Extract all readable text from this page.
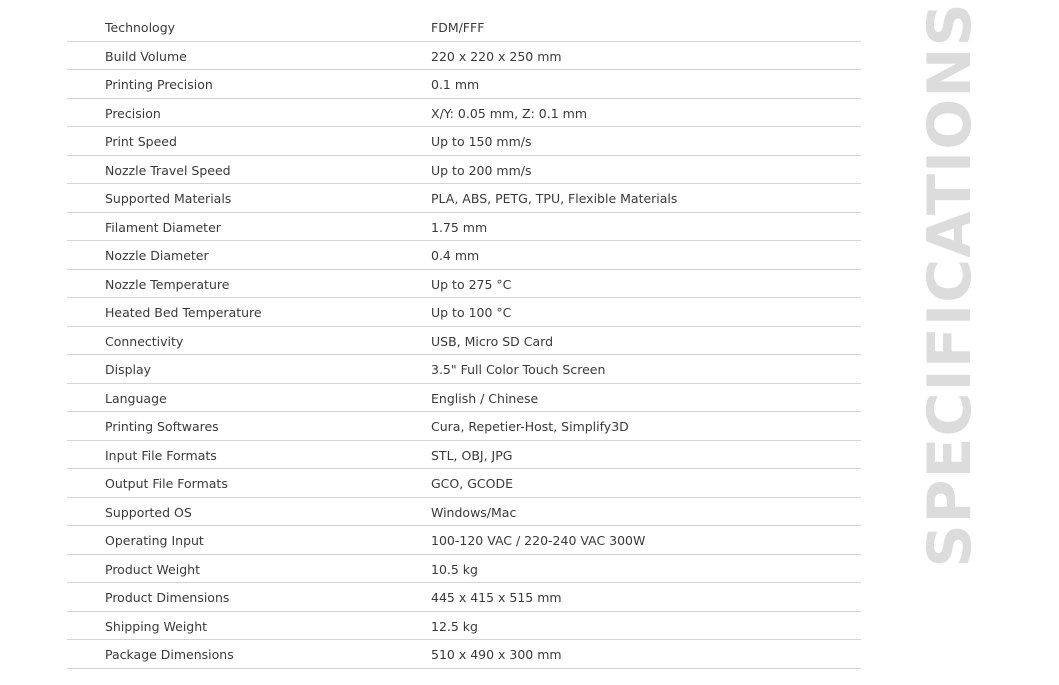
Technology	FDM/FFF
Build Volume	220 x 220 x 250 mm
Printing Precision	0.1 mm
Precision	X/Y: 0.05 mm, Z: 0.1 mm
Print Speed	Up to 150 mm/s
Nozzle Travel Speed	Up to 200 mm/s
Supported Materials	PLA, ABS, PETG, TPU, Flexible Materials
Filament Diameter	1.75 mm
Nozzle Diameter	0.4 mm
Nozzle Temperature	Up to 275 °C
Heated Bed Temperature	Up to 100 °C
Connectivity	USB, Micro SD Card
Display	3.5" Full Color Touch Screen
Language	English / Chinese
Printing Softwares	Cura, Repetier-Host, Simplify3D
Input File Formats	STL, OBJ, JPG
Output File Formats	GCO, GCODE
Supported OS	Windows/Mac
Operating Input	100-120 VAC / 220-240 VAC 300W
Product Weight	10.5 kg
Product Dimensions	445 x 415 x 515 mm
Shipping Weight	12.5 kg
Package Dimensions	510 x 490 x 300 mm
SPECIFICATIONS
